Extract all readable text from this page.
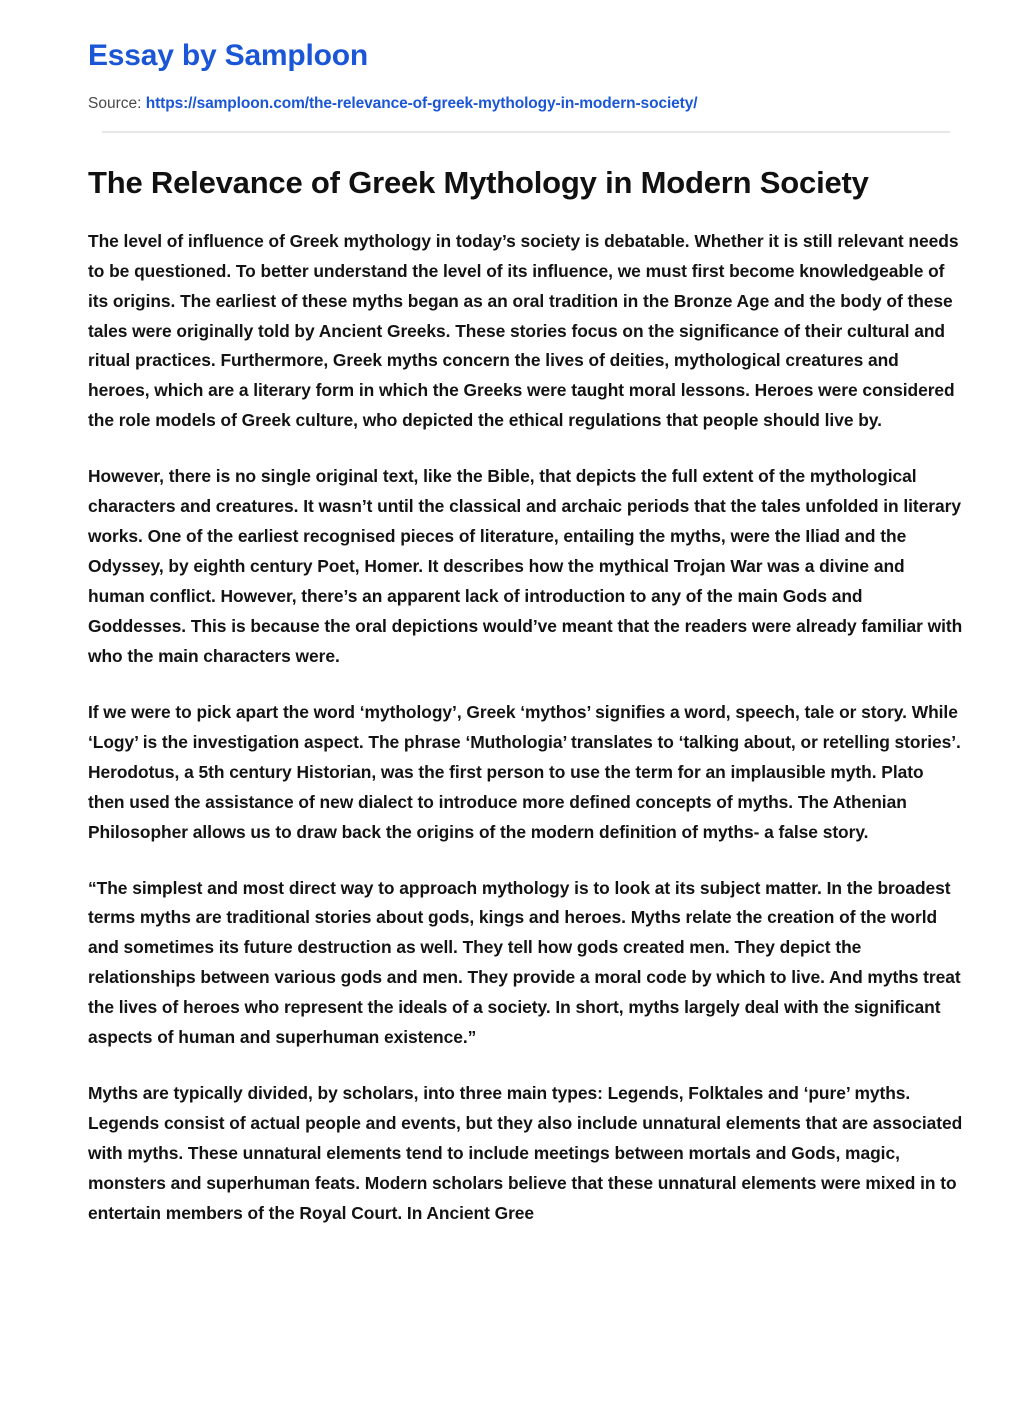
Essay by Samploon
Source: https://samploon.com/the-relevance-of-greek-mythology-in-modern-society/
The Relevance of Greek Mythology in Modern Society

The level of influence of Greek mythology in today’s society is debatable. Whether it is still relevant needs to be questioned. To better understand the level of its influence, we must first become knowledgeable of its origins. The earliest of these myths began as an oral tradition in the Bronze Age and the body of these tales were originally told by Ancient Greeks. These stories focus on the significance of their cultural and ritual practices. Furthermore, Greek myths concern the lives of deities, mythological creatures and heroes, which are a literary form in which the Greeks were taught moral lessons. Heroes were considered the role models of Greek culture, who depicted the ethical regulations that people should live by.

However, there is no single original text, like the Bible, that depicts the full extent of the mythological characters and creatures. It wasn’t until the classical and archaic periods that the tales unfolded in literary works. One of the earliest recognised pieces of literature, entailing the myths, were the Iliad and the Odyssey, by eighth century Poet, Homer. It describes how the mythical Trojan War was a divine and human conflict. However, there’s an apparent lack of introduction to any of the main Gods and Goddesses. This is because the oral depictions would’ve meant that the readers were already familiar with who the main characters were.

If we were to pick apart the word ‘mythology’, Greek ‘mythos’ signifies a word, speech, tale or story. While ‘Logy’ is the investigation aspect. The phrase ‘Muthologia’ translates to ‘talking about, or retelling stories’. Herodotus, a 5th century Historian, was the first person to use the term for an implausible myth. Plato then used the assistance of new dialect to introduce more defined concepts of myths. The Athenian Philosopher allows us to draw back the origins of the modern definition of myths- a false story.

“The simplest and most direct way to approach mythology is to look at its subject matter. In the broadest terms myths are traditional stories about gods, kings and heroes. Myths relate the creation of the world and sometimes its future destruction as well. They tell how gods created men. They depict the relationships between various gods and men. They provide a moral code by which to live. And myths treat the lives of heroes who represent the ideals of a society. In short, myths largely deal with the significant aspects of human and superhuman existence.”

Myths are typically divided, by scholars, into three main types: Legends, Folktales and ‘pure’ myths. Legends consist of actual people and events, but they also include unnatural elements that are associated with myths. These unnatural elements tend to include meetings between mortals and Gods, magic, monsters and superhuman feats. Modern scholars believe that these unnatural elements were mixed in to entertain members of the Royal Court. In Ancient Gree
